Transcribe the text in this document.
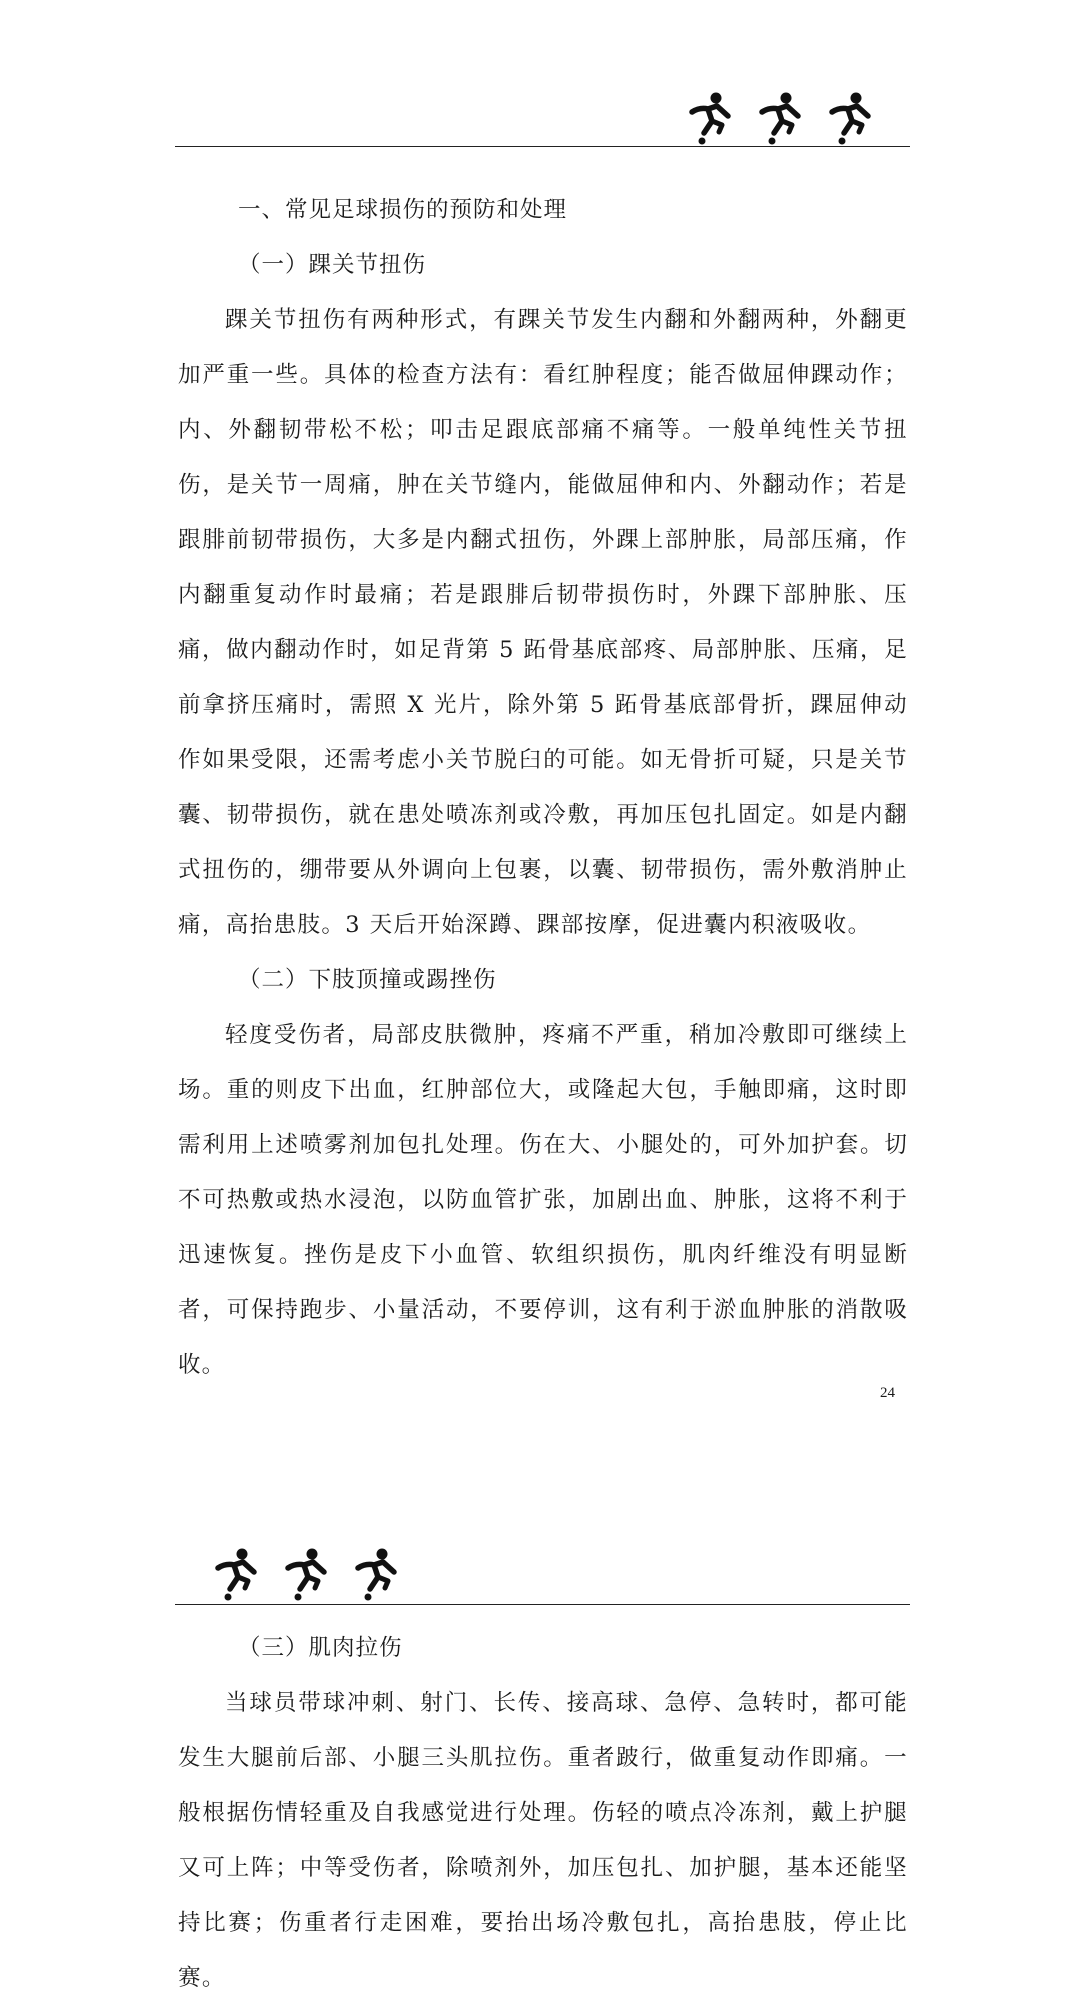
一、常见足球损伤的预防和处理

（一）踝关节扭伤

踝关节扭伤有两种形式，有踝关节发生内翻和外翻两种，外翻更加严重一些。具体的检查方法有：看红肿程度；能否做屈伸踝动作；内、外翻韧带松不松；叩击足跟底部痛不痛等。一般单纯性关节扭伤，是关节一周痛，肿在关节缝内，能做屈伸和内、外翻动作；若是跟腓前韧带损伤，大多是内翻式扭伤，外踝上部肿胀，局部压痛，作内翻重复动作时最痛；若是跟腓后韧带损伤时，外踝下部肿胀、压痛，做内翻动作时，如足背第 5 跖骨基底部疼、局部肿胀、压痛，足前拿挤压痛时，需照 X 光片，除外第 5 跖骨基底部骨折，踝屈伸动作如果受限，还需考虑小关节脱臼的可能。如无骨折可疑，只是关节囊、韧带损伤，就在患处喷冻剂或冷敷，再加压包扎固定。如是内翻式扭伤的，绷带要从外调向上包裹，以囊、韧带损伤，需外敷消肿止痛，高抬患肢。3 天后开始深蹲、踝部按摩，促进囊内积液吸收。

（二）下肢顶撞或踢挫伤

轻度受伤者，局部皮肤微肿，疼痛不严重，稍加冷敷即可继续上场。重的则皮下出血，红肿部位大，或隆起大包，手触即痛，这时即需利用上述喷雾剂加包扎处理。伤在大、小腿处的，可外加护套。切不可热敷或热水浸泡，以防血管扩张，加剧出血、肿胀，这将不利于迅速恢复。挫伤是皮下小血管、软组织损伤，肌肉纤维没有明显断者，可保持跑步、小量活动，不要停训，这有利于淤血肿胀的消散吸收。

24

（三）肌肉拉伤

当球员带球冲刺、射门、长传、接高球、急停、急转时，都可能发生大腿前后部、小腿三头肌拉伤。重者跛行，做重复动作即痛。一般根据伤情轻重及自我感觉进行处理。伤轻的喷点冷冻剂，戴上护腿又可上阵；中等受伤者，除喷剂外，加压包扎、加护腿，基本还能坚持比赛；伤重者行走困难，要抬出场冷敷包扎，高抬患肢，停止比赛。
